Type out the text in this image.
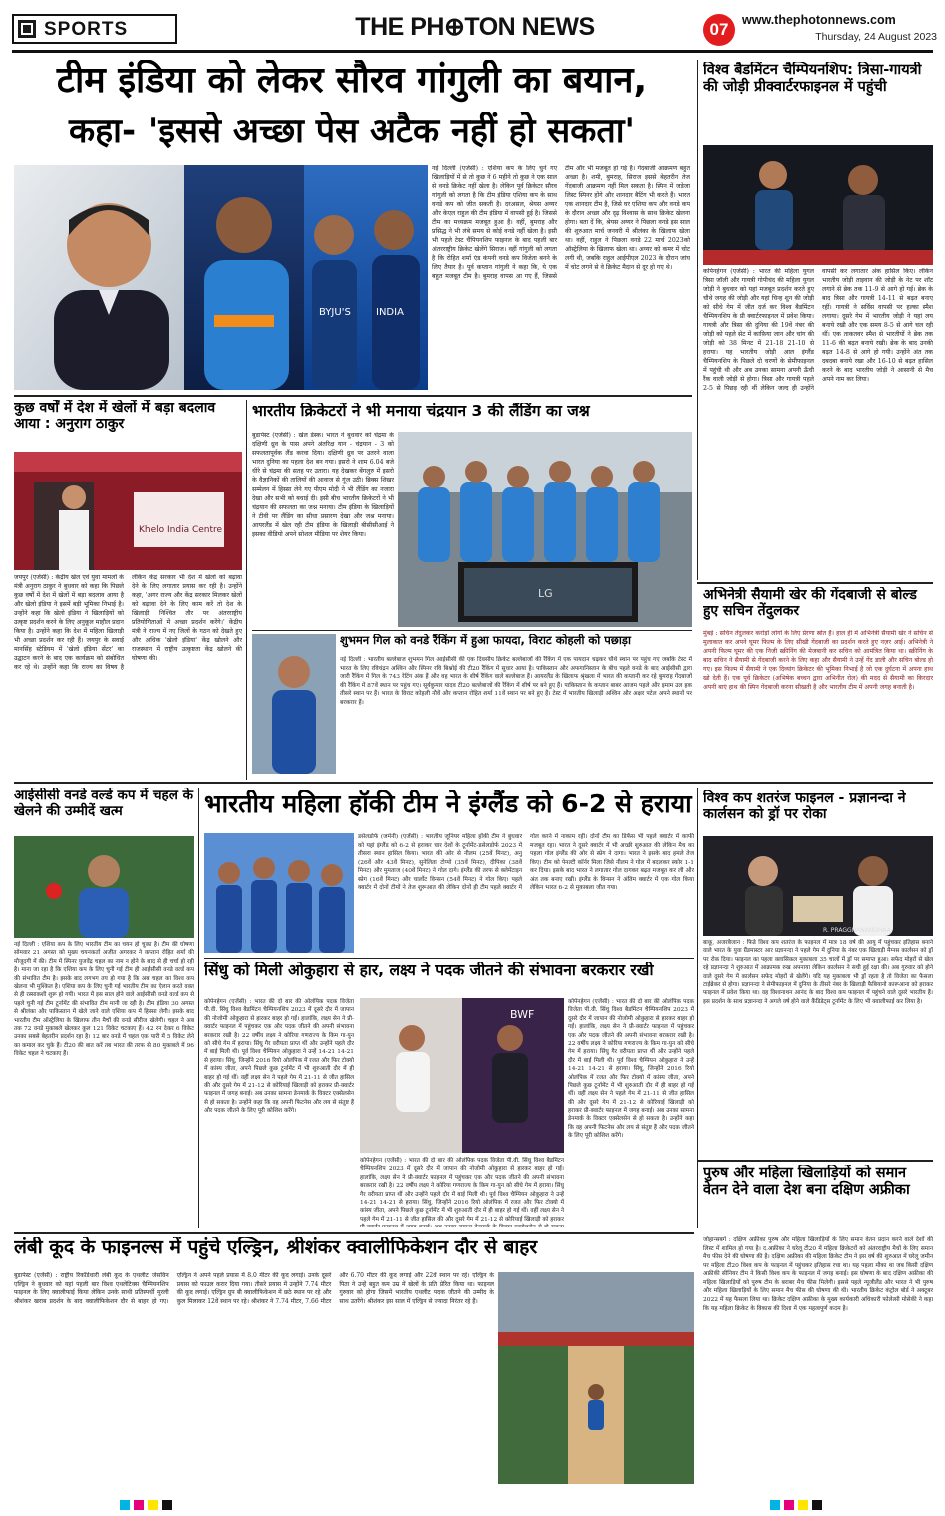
SPORTS	THE PH⊕TON NEWS	07	www.thephotonnews.com
Thursday, 24 August 2023
टीम इंडिया को लेकर सौरव गांगुली का बयान,
कहा- 'इससे अच्छा पेस अटैक नहीं हो सकता'
BYJU'S	INDIA
नई दिल्ली (एजेंसी) : एशिया कप के लिए चुने गए खिलाड़ियों में से तो कुछ ने 6 महीने तो कुछ ने एक साल से वनडे क्रिकेट नहीं खेला है। लेकिन पूर्व क्रिकेटर सौरव गांगुली को लगता है कि टीम इंडिया एशिया कप के साथ वनडे कप को जीत सकती है। दरअसल, श्रेयस अय्यर और केएल राहुल की टीम इंडिया में वापसी हुई है। जिससे टीम का मध्यक्रम मजबूत हुआ है। वहीं, बुमराह और प्रसिद्ध ने भी लंबे समय से कोई वनडे नहीं खेला है। इसी भी पहले टेस्ट चैंपियनशिप फाइनल के बाद पहली बार अंतरराष्ट्रीय क्रिकेट खेलेंगे सिराज। वहीं गांगुली को लगता है कि रोहित शर्मा एंड कंपनी वनडे कप विजेता बनने के लिए तैयार है। पूर्व कप्तान गांगुली ने कहा कि, ये एक बहुत मजबूत टीम है। बुमराह वापस आ गए हैं, जिससे टीम और भी मजबूत हो गई है। गेंदबाजी आक्रमण बहुत अच्छा है। शमी, बुमराह, सिराज इससे बेहतरीन तेज गेंदबाजी आक्रमण नहीं मिल सकता है। स्पिन में जडेजा लिस्ट स्पिनर होंगे और शानदार बैटिंग भी करते हैं। भारत एक शानदार टीम है, जिसे घर एशिया कप और वनडे कप के दौरान अच्छा और दृढ़ विश्वास के साथ क्रिकेट खेलना होगा। बता दें कि, श्रेयस अय्यर ने पिछला वनडे इस साल की शुरुआत मार्च जनवरी में श्रीलंका के खिलाफ खेला था। वहीं, राहुल ने पिछला वनडे 22 मार्च 2023को ऑस्ट्रेलिया के खिलाफ खेला था। अय्यर को कमर में चोट लगी थी, जबकि राहुल आईपीएल 2023 के दौरान जांघ में चोट लगने से वे क्रिकेट मैदान से दूर हो गए थे।
विश्व बैडमिंटन चैम्पियनशिप: त्रिसा-गायत्री की जोड़ी प्रीक्वार्टरफाइनल में पहुंची
कोपेनहेगन (एजेंसी) : भारत की महिला युगल त्रिसा जॉली और गायत्री गोपीचंद की महिला युगल जोड़ी ने बुधवार को यहां मजबूत प्रदर्शन करते हुए चौथे जगह की जोड़ी और यहां चिन्ह शुन की जोड़ी को सीधे गेम में जीत दर्ज कर विश्व बैडमिंटन चैम्पियनशिप के प्री क्वार्टरफाइनल में प्रवेश किया। गायत्री और त्रिसा की दुनिया की 19वें नंबर की जोड़ी को पहले सेट में काफ़िया जान और चांग की जोड़ी को 38 मिनट में 21-18 21-10 से हराया। यह भारतीय जोड़ी आल इंग्लैंड चैम्पियनशिप के पिछले दो चरणों के सेमीफाइनल में पहुंची थी और अब उनका सामना अपनी ऊँची रैंक वाली जोड़ी से होगा। त्रिसा और गायत्री पहले 2-5 से पिछड़ रही थीं लेकिन जल्द ही उन्होंने वापसी कर लगातार अंक हासिल किए। लेकिन भारतीय जोड़ी ताइवान की जोड़ी के नेट पर शॉट लगाने से ब्रेक तक 11-9 से आगे हो गई। ब्रेक के बाद त्रिसा और गायत्री 14-11 से बढ़त बनाए रहीं। गायत्री ने सर्विस वापसी पर हल्का स्मैश लगाया। दूसरे गेम में भारतीय जोड़ी ने यहां लय बनाये रखी और एक समय 8-5 से आगे चल रही थीं। एक ताकतवर स्मैश से भारतीयों ने ब्रेक तक 11-6 की बढ़त बनाये रखी। ब्रेक के बाद उनकी बढ़त 14-8 से आगे हो गयी। उन्होंने अंत तक दबदबा बनाये रखा और 16-10 से बढ़त हासिल करने के बाद भारतीय जोड़ी ने आसानी से मैच अपने नाम कर लिया।
कुछ वर्षों में देश में खेलों में बड़ा बदलाव आया : अनुराग ठाकुर
Khelo India Centre
जयपुर (एजेंसी) : केंद्रीय खेल एवं युवा मामलों के मंत्री अनुराग ठाकुर ने बुधवार को कहा कि पिछले कुछ वर्षों में देश में खेलों में बड़ा बदलाव आया है और खेलो इंडिया ने इसमें बड़ी भूमिका निभाई है। उन्होंने कहा कि खेलो इंडिया ने खिलाड़ियों को उत्कृष्ट प्रदर्शन करने के लिए अनुकूल माहौल प्रदान किया है। उन्होंने कहा कि देश में महिला खिलाड़ी भी अच्छा प्रदर्शन कर रही हैं। जयपुर के सवाई मानसिंह स्टेडियम में 'खेलो इंडिया सेंटर' का उद्घाटन करने के बाद एक कार्यक्रम को संबोधित कर रहे थे। उन्होंने कहा कि राज्य का विषय है लेकिन केंद्र सरकार भी देश में खेलों को बढ़ावा देने के लिए लगातार प्रयास कर रही है। उन्होंने कहा, 'अगर राज्य और केंद्र सरकार मिलकर खेलों को बढ़ावा देने के लिए काम करें तो देश के खिलाड़ी निश्चित तौर पर अंतरराष्ट्रीय प्रतियोगिताओं में अच्छा प्रदर्शन करेंगे।' केंद्रीय मंत्री ने राज्य में नए जिलों के गठन को देखते हुए और अधिक 'खेलो इंडिया' केंद्र खोलने और राजस्थान में राष्ट्रीय उत्कृष्टता केंद्र खोलने की घोषणा की।
भारतीय क्रिकेटरों ने भी मनाया चंद्रयान 3 की लैंडिंग का जश्न
बुडापेस्ट (एजेंसी) : खेल डेस्क। भारत ने बुधवार को चंद्रमा के दक्षिणी ध्रुव के पास अपने अंतरिक्ष यान - चंद्रयान - 3 को सफलतापूर्वक लैंड करवा दिया। दक्षिणी ध्रुव पर उतरने वाला भारत दुनिया का पहला देश बन गया। इसरो ने शाम 6.04 बजे धीरे से चंद्रमा की सतह पर उतारा। यह देखकर बेंगलुरु में इसरो के वैज्ञानिकों की तालियों की आवाज से गूंज उठी। ब्रिक्स शिखर सम्मेलन में हिस्सा लेने गए पीएम मोदी ने भी लैंडिंग का नजारा देखा और सभी को बधाई दी। इसी बीच भारतीय क्रिकेटरों ने भी चंद्रयान की सफलता का जश्न मनाया। टीम इंडिया के खिलाड़ियों ने टीवी पर लैंडिंग का सीधा प्रसारण देखा और जश्न मनाया। आयरलैंड में खेल रही टीम इंडिया के खिलाड़ी बीसीसीआई ने इसका वीडियो अपने सोशल मीडिया पर शेयर किया।
LG
शुभमन गिल को वनडे रैंकिंग में हुआ फायदा, विराट कोहली को पछाड़ा
नई दिल्ली : भारतीय बल्लेबाज शुभमन गिल आईसीसी की एक दिवसीय क्रिकेट बल्लेबाजों की रैंकिंग में एक पायदान चढ़कर चौथे स्थान पर पहुंच गए जबकि टेस्ट में भारत के लिए रविचंद्रन अश्विन और स्पिनर रवि बिश्नोई की टी20 रैंकिंग में सुधार आया है। पाकिस्तान और अफगानिस्तान के बीच पहले वनडे के बाद आईसीसी द्वारा जारी रैंकिंग में गिल के 743 रेटिंग अंक हैं और वह भारत के शीर्ष रैंकिंग वाले बल्लेबाज हैं। आयरलैंड के खिलाफ श्रृंखला में भारत की कप्तानी कर रहे बुमराह गेंदबाजों की रैंकिंग में 87वें स्थान पर पहुंच गए। सूर्यकुमार यादव टी20 बल्लेबाजों की रैंकिंग में शीर्ष पर बने हुए हैं। पाकिस्तान के कप्तान बाबर आजम पहले और इमाम उल हक तीसरे स्थान पर हैं। भारत के विराट कोहली नौवें और कप्तान रोहित शर्मा 11वें स्थान पर बने हुए हैं। टेस्ट में भारतीय खिलाड़ी अश्विन और अक्षर पटेल अपने स्थानों पर बरकरार हैं।
अभिनेत्री सैयामी खेर की गेंदबाजी से बोल्ड हुए सचिन तेंदुलकर
मुंबई : सचिन तेंदुलकर करोड़ों लोगों के लिए प्रेरणा स्रोत हैं। हाल ही में अभिनेत्री सैयामी खेर ने सचिन से मुलाकात कर अपने घूमर फिल्म के लिए सीखी गेंदबाजी का प्रदर्शन करते हुए नज़र आई। अभिनेत्री ने अपनी फिल्म घूमर की एक निजी स्क्रीनिंग की मेजबानी कर सचिन को आमंत्रित किया था। स्क्रीनिंग के बाद सचिन ने सैयामी से गेंदबाजी करने के लिए कहा और सैयामी ने उन्हें गेंद डाली और सचिन बोल्ड हो गए। इस फिल्म में सैयामी ने एक दिव्यांग क्रिकेटर की भूमिका निभाई है जो एक दुर्घटना में अपना हाथ खो देती हैं। एक पूर्व क्रिकेटर (अभिषेक बच्चन द्वारा अभिनीत रोल) की मदद से सैयामी का किरदार अपनी बाएं हाथ की स्पिन गेंदबाजी करना सीखती है और भारतीय टीम में अपनी जगह बनाती है।
आईसीसी वनडे वर्ल्ड कप में चहल के खेलने की उम्मीदें खत्म
नई दिल्ली : एशिया कप के लिए भारतीय टीम का चयन हो चुका है। टीम की घोषणा सोमवार 21 अगस्त को मुख्य चयनकर्ता अजीत अगरकर ने कप्तान रोहित शर्मा की मौजूदगी में की। टीम में स्पिनर युजवेंद्र चहल का नाम न होने के बाद से ही चर्चा हो रही है। माना जा रहा है कि एशिया कप के लिए चुनी गई टीम ही आईसीसी वनडे वर्ल्ड कप की संभावित टीम है। इसके बाद लगभग तय हो गया है कि अब चहल का विश्व कप खेलना भी मुश्किल है। एशिया कप के लिए चुनी गई भारतीय टीम का ऐलान करते वक्त से ही रस्साकशी शुरू हो गयी। भारत में इस साल होने वाले आईसीसी वनडे वर्ल्ड कप से पहले चुनी गई टीम टूर्नामेंट की संभावित टीम मानी जा रही है। टीम इंडिया 30 अगस्त से श्रीलंका और पाकिस्तान में खेले जाने वाले एशिया कप में हिस्सा लेगी। इसके बाद भारतीय टीम ऑस्ट्रेलिया के खिलाफ तीन मैचों की वनडे सीरीज खेलेगी। चहल ने अब तक 72 वनडे मुकाबले खेलकर कुल 121 विकेट चटकाए हैं। 42 रन देकर 6 विकेट उनका सबसे बेहतरीन प्रदर्शन रहा है। 12 बार वनडे में चहल एक पारी में 5 विकेट लेने का कमाल कर चुके हैं। टी20 की बात करें तब भारत की तरफ से 80 मुकाबले में 96 विकेट चहल ने चटकाए हैं।
भारतीय महिला हॉकी टीम ने इंग्लैंड को 6-2 से हराया
डसेलडोर्फ (जर्मनी) (एजेंसी) : भारतीय जूनियर महिला हॉकी टीम ने बुधवार को यहां इंग्लैंड को 6-2 से हराकर चार देशों के टूर्नामेंट-डसेलडोर्फ 2023 में तीसरा स्थान हासिल किया। भारत की ओर से नीलम (25वें मिनट), अनु (26वें और 43वें मिनट), सुनेलिता टोप्पो (35वें मिनट), दीपिका (38वें मिनट) और मुमताज (40वें मिनट) ने गोल दागे। इंग्लैंड की तरफ से क्लेमेंटाइन स्प्रेग (16वें मिनट) और चार्लोट विन्सन (54वें मिनट) ने गोल किए। पहले क्वार्टर में दोनों टीमों ने तेज शुरूआत की लेकिन दोनों ही टीम पहले क्वार्टर में गोल करने में नाकाम रहीं। दोनों टीम का डिफेंस भी पहले क्वार्टर में काफी मजबूत रहा। भारत ने दूसरे क्वार्टर में भी अच्छी शुरुआत की लेकिन मैच का पहला गोल इंग्लैंड की ओर से स्प्रेग ने दागा। भारत ने इसके बाद हमले तेज किए। टीम को पेनल्टी कॉर्नर मिला जिसे नीलम ने गोल में बदलकर स्कोर 1-1 कर दिया। इसके बाद भारत ने लगातार गोल दागकर बढ़त मजबूत कर ली और अंत तक बनाए रखी। इंग्लैंड के विन्सन ने अंतिम क्वार्टर में एक गोल किया लेकिन भारत 6-2 से मुकाबला जीत गया।
सिंधु को मिली ओकुहारा से हार, लक्ष्य ने पदक जीतने की संभावना बरकरार रखी
कोपेनहेगन (एजेंसी) : भारत की दो बार की ओलंपिक पदक विजेता पी.वी. सिंधु विश्व बैडमिंटन चैम्पियनशिप 2023 में दूसरे दौर में जापान की नोजोमी ओकुहारा से हारकर बाहर हो गईं। हालांकि, लक्ष्य सेन ने प्री-क्वार्टर फाइनल में पहुंचकर एक और पदक जीतने की अपनी संभावना बरकरार रखी है। 22 वर्षीय लक्ष्य ने कोरिया गणराज्य के किम गा-युन को सीधे गेम में हराया। सिंधु गैर वरीयता प्राप्त थीं और उन्होंने पहले दौर में बाई मिली थी। पूर्व विश्व चैम्पियन ओकुहारा ने उन्हें 14-21 14-21 से हराया। सिंधु, जिन्होंने 2016 रियो ओलंपिक में रजत और फिर टोक्यो में कांस्य जीता, अपने पिछले कुछ टूर्नामेंट में भी शुरुआती दौर में ही बाहर हो गई थीं। वहीं लक्ष्य सेन ने पहले गेम में 21-11 से जीत हासिल की और दूसरे गेम में 21-12 से कोरियाई खिलाड़ी को हराकर प्री-क्वार्टर फाइनल में जगह बनाई। अब उनका सामना डेनमार्क के विक्टर एक्सेलसेन से हो सकता है। उन्होंने कहा कि वह अपनी फिटनेस और लय से संतुष्ट हैं और पदक जीतने के लिए पूरी कोशिश करेंगे।
BWF
कोपेनहेगन (एजेंसी) : भारत की दो बार की ओलंपिक पदक विजेता पी.वी. सिंधु विश्व बैडमिंटन चैम्पियनशिप 2023 में दूसरे दौर में जापान की नोजोमी ओकुहारा से हारकर बाहर हो गईं। हालांकि, लक्ष्य सेन ने प्री-क्वार्टर फाइनल में पहुंचकर एक और पदक जीतने की अपनी संभावना बरकरार रखी है। 22 वर्षीय लक्ष्य ने कोरिया गणराज्य के किम गा-युन को सीधे गेम में हराया। सिंधु गैर वरीयता प्राप्त थीं और उन्होंने पहले दौर में बाई मिली थी। पूर्व विश्व चैम्पियन ओकुहारा ने उन्हें 14-21 14-21 से हराया। सिंधु, जिन्होंने 2016 रियो ओलंपिक में रजत और फिर टोक्यो में कांस्य जीता, अपने पिछले कुछ टूर्नामेंट में भी शुरुआती दौर में ही बाहर हो गई थीं। वहीं लक्ष्य सेन ने पहले गेम में 21-11 से जीत हासिल की और दूसरे गेम में 21-12 से कोरियाई खिलाड़ी को हराकर प्री-क्वार्टर फाइनल में जगह बनाई। अब उनका सामना डेनमार्क के विक्टर एक्सेलसेन से हो सकता है। उन्होंने कहा कि वह अपनी फिटनेस और लय से संतुष्ट हैं और पदक जीतने के लिए पूरी कोशिश करेंगे।
कोपेनहेगन (एजेंसी) : भारत की दो बार की ओलंपिक पदक विजेता पी.वी. सिंधु विश्व बैडमिंटन चैम्पियनशिप 2023 में दूसरे दौर में जापान की नोजोमी ओकुहारा से हारकर बाहर हो गईं। हालांकि, लक्ष्य सेन ने प्री-क्वार्टर फाइनल में पहुंचकर एक और पदक जीतने की अपनी संभावना बरकरार रखी है। 22 वर्षीय लक्ष्य ने कोरिया गणराज्य के किम गा-युन को सीधे गेम में हराया। सिंधु गैर वरीयता प्राप्त थीं और उन्होंने पहले दौर में बाई मिली थी। पूर्व विश्व चैम्पियन ओकुहारा ने उन्हें 14-21 14-21 से हराया। सिंधु, जिन्होंने 2016 रियो ओलंपिक में रजत और फिर टोक्यो में कांस्य जीता, अपने पिछले कुछ टूर्नामेंट में भी शुरुआती दौर में ही बाहर हो गई थीं। वहीं लक्ष्य सेन ने पहले गेम में 21-11 से जीत हासिल की और दूसरे गेम में 21-12 से कोरियाई खिलाड़ी को हराकर
विश्व कप शतरंज फाइनल - प्रज्ञानन्दा ने कार्लसन को ड्रॉ पर रोका
R. PRAGGNANANDHAA
बाकू, अजरबैजान : फिडे विश्व कप शतरंज के फाइनल में मात्र 18 वर्ष की आयु में पहुंचकर इतिहास बनाने वाले भारत के युवा ग्रैंडमास्टर आर प्रज्ञानन्दा ने पहले गेम में दुनिया के नंबर एक खिलाड़ी मैग्नस कार्लसन को ड्रॉ पर रोक दिया। फाइनल का पहला क्लासिकल मुकाबला 35 चालों में ड्रॉ पर समाप्त हुआ। सफेद मोहरों से खेल रहे प्रज्ञानन्दा ने शुरुआत में आक्रामक रुख अपनाया लेकिन कार्लसन ने सधी हुई रक्षा की। अब गुरुवार को होने वाले दूसरे गेम में कार्लसन सफेद मोहरों से खेलेंगे। यदि यह मुकाबला भी ड्रॉ रहता है तो विजेता का फैसला टाईब्रेकर से होगा। प्रज्ञानन्दा ने सेमीफाइनल में दुनिया के तीसरे नंबर के खिलाड़ी फैबियानो कारूआना को हराकर फाइनल में प्रवेश किया था। वह विश्वनाथन आनंद के बाद विश्व कप फाइनल में पहुंचने वाले दूसरे भारतीय हैं। इस प्रदर्शन के साथ प्रज्ञानन्दा ने अगले वर्ष होने वाले कैंडिडेट्स टूर्नामेंट के लिए भी क्वालीफाई कर लिया है।
पुरुष और महिला खिलाड़ियों को समान वेतन देने वाला देश बना दक्षिण अफ्रीका
जोहान्सबर्ग : दक्षिण अफ्रीका पुरुष और महिला खिलाड़ियों के लिए समान वेतन प्रदान करने वाले देशों की लिस्ट में शामिल हो गया है। द.अफ्रीका ने घरेलू टी20 में महिला क्रिकेटरों को अंतरराष्ट्रीय मैचों के लिए समान मैच फीस देने की घोषणा की है। दक्षिण अफ्रीका की महिला क्रिकेट टीम ने इस वर्ष की शुरुआत में घरेलू जमीन पर महिला टी20 विश्व कप के फाइनल में पहुंचकर इतिहास रचा था। यह पहला मौका था जब किसी दक्षिण अफ्रीकी सीनियर टीम ने किसी विश्व कप के फाइनल में जगह बनाई। इस घोषणा के बाद दक्षिण अफ्रीका की महिला खिलाड़ियों को पुरुष टीम के बराबर मैच फीस मिलेगी। इससे पहले न्यूजीलैंड और भारत ने भी पुरुष और महिला खिलाड़ियों के लिए समान मैच फीस की घोषणा की थी। भारतीय क्रिकेट कंट्रोल बोर्ड ने अक्टूबर 2022 में यह फैसला लिया था। क्रिकेट दक्षिण अफ्रीका के मुख्य कार्यकारी अधिकारी फोलेत्सी मोसेकी ने कहा कि यह महिला क्रिकेट के विकास की दिशा में एक महत्वपूर्ण कदम है।
लंबी कूद के फाइनल्स में पहुंचे एल्ड्रिन, श्रीशंकर क्वालीफिकेशन दौर से बाहर
बुडापेस्ट (एजेंसी) : राष्ट्रीय रिकॉर्डधारी लंबी कूद के एथलीट जेसविन एल्ड्रिन ने बुधवार को यहां पहली बार विश्व एथलेटिक्स चैम्पियनशिप फाइनल के लिए क्वालीफाई किया लेकिन उनके साथी प्रतिस्पर्धी मुरली श्रीशंकर खराब प्रदर्शन के बाद क्वालीफिकेशन दौर से बाहर हो गए। एल्ड्रिन ने अपने पहले प्रयास में 8.0 मीटर की कूद लगाई। उनके दूसरे प्रयास को फाउल करार दिया गया। तीसरे प्रयास में उन्होंने 7.74 मीटर की कूद लगाई। एल्ड्रिन ग्रुप बी क्वालीफिकेशन में छठे स्थान पर रहे और कुल मिलाकर 12वें स्थान पर रहे। श्रीशंकर ने 7.74 मीटर, 7.66 मीटर और 6.70 मीटर की कूद लगाई और 22वें स्थान पर रहे। एल्ड्रिन के पिता ने उन्हें बहुत कम उम्र में खेलों के प्रति प्रेरित किया था। फाइनल गुरुवार को होगा जिसमें भारतीय एथलीट पदक जीतने की उम्मीद के साथ उतरेंगे। श्रीशंकर इस साल में एल्ड्रिन से ज्यादा निरंतर रहे हैं।
